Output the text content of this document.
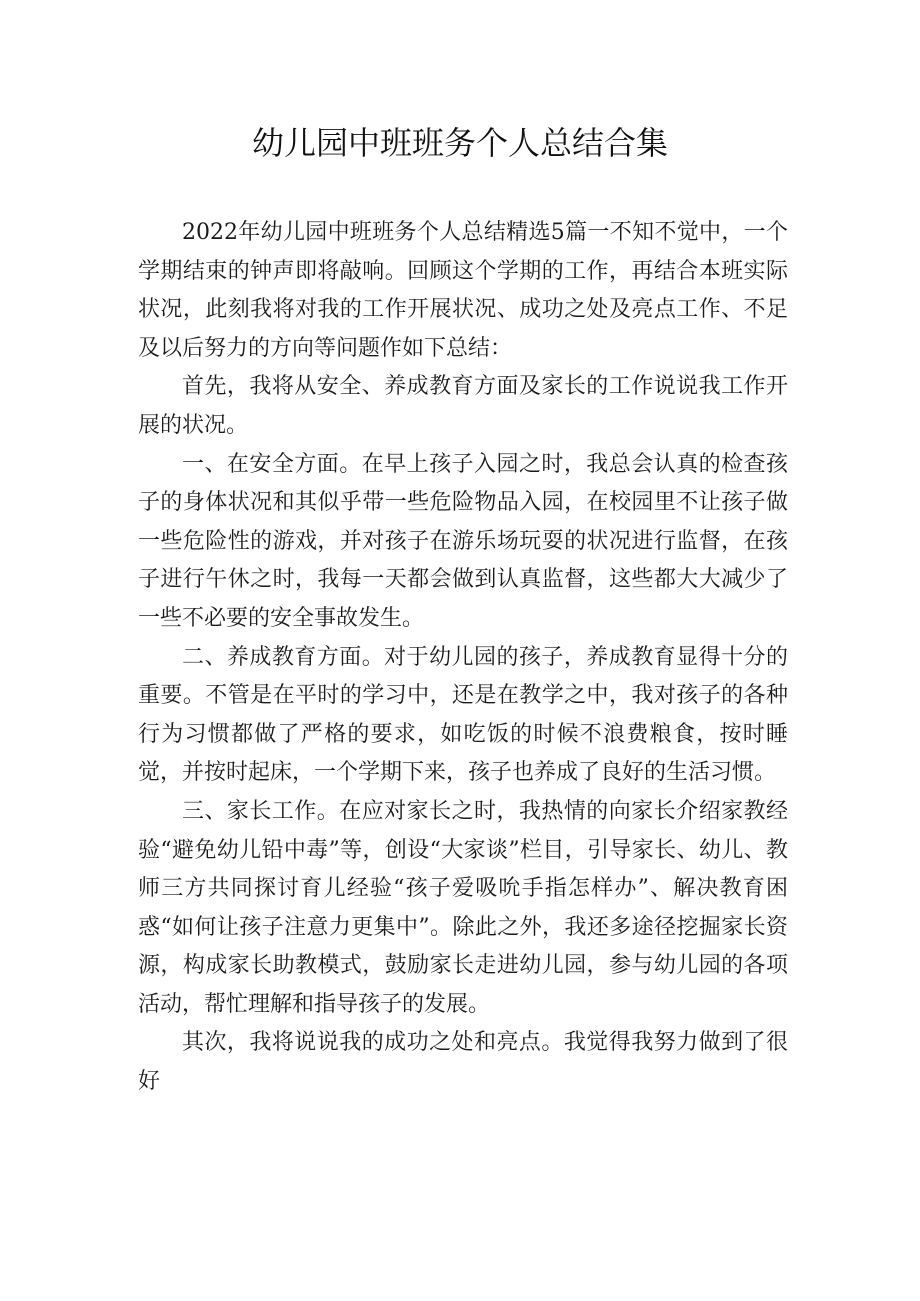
幼儿园中班班务个人总结合集

2022年幼儿园中班班务个人总结精选5篇一不知不觉中，一个学期结束的钟声即将敲响。回顾这个学期的工作，再结合本班实际状况，此刻我将对我的工作开展状况、成功之处及亮点工作、不足及以后努力的方向等问题作如下总结：

首先，我将从安全、养成教育方面及家长的工作说说我工作开展的状况。

一、在安全方面。在早上孩子入园之时，我总会认真的检查孩子的身体状况和其似乎带一些危险物品入园，在校园里不让孩子做一些危险性的游戏，并对孩子在游乐场玩耍的状况进行监督，在孩子进行午休之时，我每一天都会做到认真监督，这些都大大减少了一些不必要的安全事故发生。

二、养成教育方面。对于幼儿园的孩子，养成教育显得十分的重要。不管是在平时的学习中，还是在教学之中，我对孩子的各种行为习惯都做了严格的要求，如吃饭的时候不浪费粮食，按时睡觉，并按时起床，一个学期下来，孩子也养成了良好的生活习惯。

三、家长工作。在应对家长之时，我热情的向家长介绍家教经验“避免幼儿铅中毒”等，创设“大家谈”栏目，引导家长、幼儿、教师三方共同探讨育儿经验“孩子爱吸吮手指怎样办”、解决教育困惑“如何让孩子注意力更集中”。除此之外，我还多途径挖掘家长资源，构成家长助教模式，鼓励家长走进幼儿园，参与幼儿园的各项活动，帮忙理解和指导孩子的发展。

其次，我将说说我的成功之处和亮点。我觉得我努力做到了很好
